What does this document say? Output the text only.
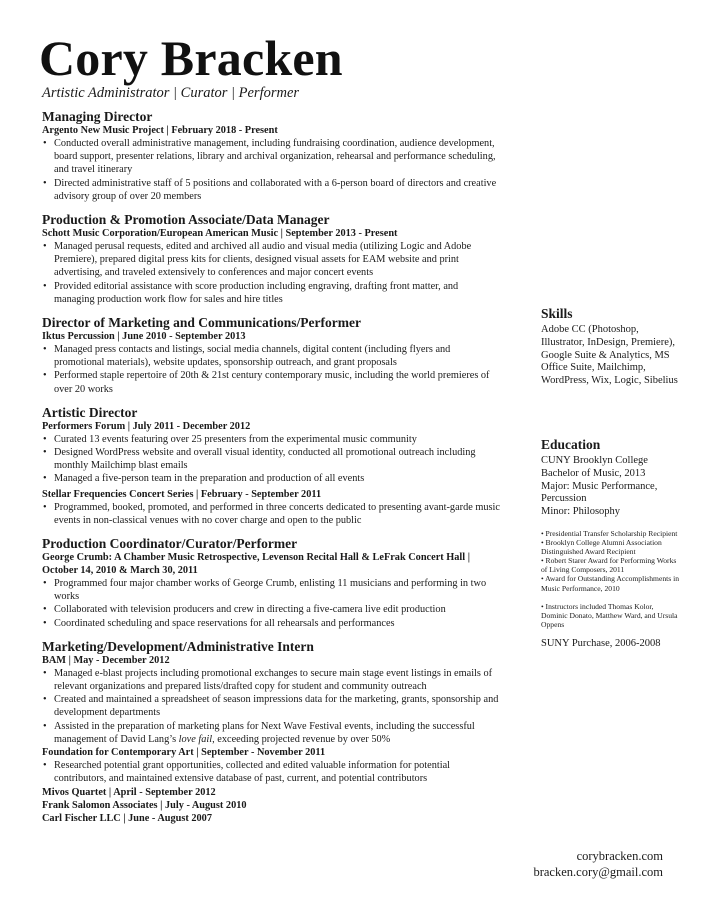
Cory Bracken
Artistic Administrator | Curator | Performer
Managing Director
Argento New Music Project | February 2018 - Present
• Conducted overall administrative management, including fundraising coordination, audience development, board support, presenter relations, library and archival organization, rehearsal and performance scheduling, and travel itinerary
• Directed administrative staff of 5 positions and collaborated with a 6-person board of directors and creative advisory group of over 20 members
Production & Promotion Associate/Data Manager
Schott Music Corporation/European American Music | September 2013 - Present
• Managed perusal requests, edited and archived all audio and visual media (utilizing Logic and Adobe Premiere), prepared digital press kits for clients, designed visual assets for EAM website and print advertising, and traveled extensively to conferences and major concert events
• Provided editorial assistance with score production including engraving, drafting front matter, and managing production work flow for sales and hire titles
Director of Marketing and Communications/Performer
Iktus Percussion | June 2010 - September 2013
• Managed press contacts and listings, social media channels, digital content (including flyers and promotional materials), website updates, sponsorship outreach, and grant proposals
• Performed staple repertoire of 20th & 21st century contemporary music, including the world premieres of over 20 works
Artistic Director
Performers Forum | July 2011 - December 2012
• Curated 13 events featuring over 25 presenters from the experimental music community
• Designed WordPress website and overall visual identity, conducted all promotional outreach including monthly Mailchimp blast emails
• Managed a five-person team in the preparation and production of all events
Stellar Frequencies Concert Series | February - September 2011
• Programmed, booked, promoted, and performed in three concerts dedicated to presenting avant-garde music events in non-classical venues with no cover charge and open to the public
Production Coordinator/Curator/Performer
George Crumb: A Chamber Music Retrospective, Levenson Recital Hall & LeFrak Concert Hall | October 14, 2010 & March 30, 2011
• Programmed four major chamber works of George Crumb, enlisting 11 musicians and performing in two works
• Collaborated with television producers and crew in directing a five-camera live edit production
• Coordinated scheduling and space reservations for all rehearsals and performances
Marketing/Development/Administrative Intern
BAM | May - December 2012
• Managed e-blast projects including promotional exchanges to secure main stage event listings in emails of relevant organizations and prepared lists/drafted copy for student and community outreach
• Created and maintained a spreadsheet of season impressions data for the marketing, grants, sponsorship and development departments
• Assisted in the preparation of marketing plans for Next Wave Festival events, including the successful management of David Lang’s love fail, exceeding projected revenue by over 50%
Foundation for Contemporary Art | September - November 2011
• Researched potential grant opportunities, collected and edited valuable information for potential contributors, and maintained extensive database of past, current, and potential contributors
Mivos Quartet | April - September 2012
Frank Salomon Associates | July - August 2010
Carl Fischer LLC | June - August 2007
Skills
Adobe CC (Photoshop, Illustrator, InDesign, Premiere), Google Suite & Analytics, MS Office Suite, Mailchimp, WordPress, Wix, Logic, Sibelius
Education
CUNY Brooklyn College
Bachelor of Music, 2013
Major: Music Performance, Percussion
Minor: Philosophy
• Presidential Transfer Scholarship Recipient
• Brooklyn College Alumni Association Distinguished Award Recipient
• Robert Starer Award for Performing Works of Living Composers, 2011
• Award for Outstanding Accomplishments in Music Performance, 2010
• Instructors included Thomas Kolor, Dominic Donato, Matthew Ward, and Ursula Oppens
SUNY Purchase, 2006-2008
corybracken.com
bracken.cory@gmail.com
